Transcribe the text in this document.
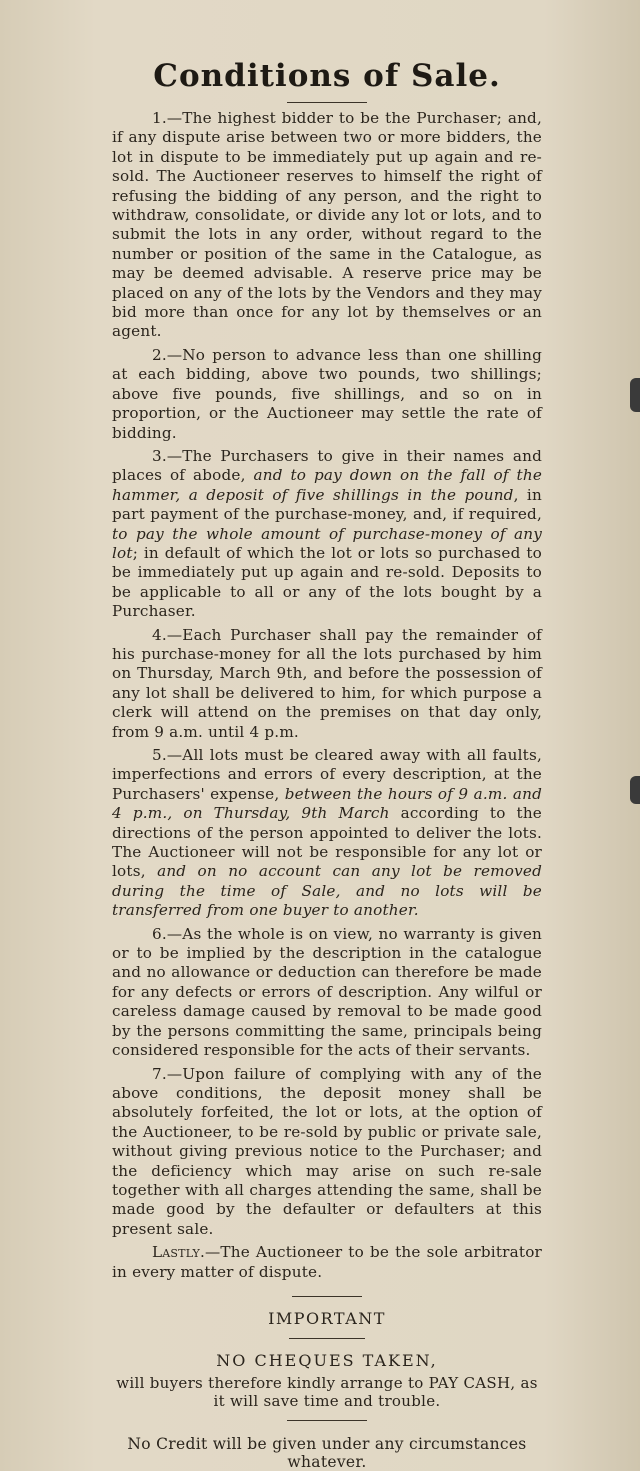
Conditions of Sale.

1.—The highest bidder to be the Purchaser; and, if any dispute arise between two or more bidders, the lot in dispute to be immediately put up again and re-sold. The Auctioneer reserves to himself the right of refusing the bidding of any person, and the right to withdraw, consolidate, or divide any lot or lots, and to submit the lots in any order, without regard to the number or position of the same in the Catalogue, as may be deemed advisable. A reserve price may be placed on any of the lots by the Vendors and they may bid more than once for any lot by themselves or an agent.

2.—No person to advance less than one shilling at each bidding, above two pounds, two shillings; above five pounds, five shillings, and so on in proportion, or the Auctioneer may settle the rate of bidding.

3.—The Purchasers to give in their names and places of abode, and to pay down on the fall of the hammer, a deposit of five shillings in the pound, in part payment of the purchase-money, and, if required, to pay the whole amount of purchase-money of any lot; in default of which the lot or lots so purchased to be immediately put up again and re-sold. Deposits to be applicable to all or any of the lots bought by a Purchaser.

4.—Each Purchaser shall pay the remainder of his purchase-money for all the lots purchased by him on Thursday, March 9th, and before the possession of any lot shall be delivered to him, for which purpose a clerk will attend on the premises on that day only, from 9 a.m. until 4 p.m.

5.—All lots must be cleared away with all faults, imperfections and errors of every description, at the Purchasers' expense, between the hours of 9 a.m. and 4 p.m., on Thursday, 9th March according to the directions of the person appointed to deliver the lots. The Auctioneer will not be responsible for any lot or lots, and on no account can any lot be removed during the time of Sale, and no lots will be transferred from one buyer to another.

6.—As the whole is on view, no warranty is given or to be implied by the description in the catalogue and no allowance or deduction can therefore be made for any defects or errors of description. Any wilful or careless damage caused by removal to be made good by the persons committing the same, principals being considered responsible for the acts of their servants.

7.—Upon failure of complying with any of the above conditions, the deposit money shall be absolutely forfeited, the lot or lots, at the option of the Auctioneer, to be re-sold by public or private sale, without giving previous notice to the Purchaser; and the deficiency which may arise on such re-sale together with all charges attending the same, shall be made good by the defaulter or defaulters at this present sale.

Lastly.—The Auctioneer to be the sole arbitrator in every matter of dispute.

IMPORTANT

NO CHEQUES TAKEN,

will buyers therefore kindly arrange to PAY CASH, as it will save time and trouble.

No Credit will be given under any circumstances whatever.
